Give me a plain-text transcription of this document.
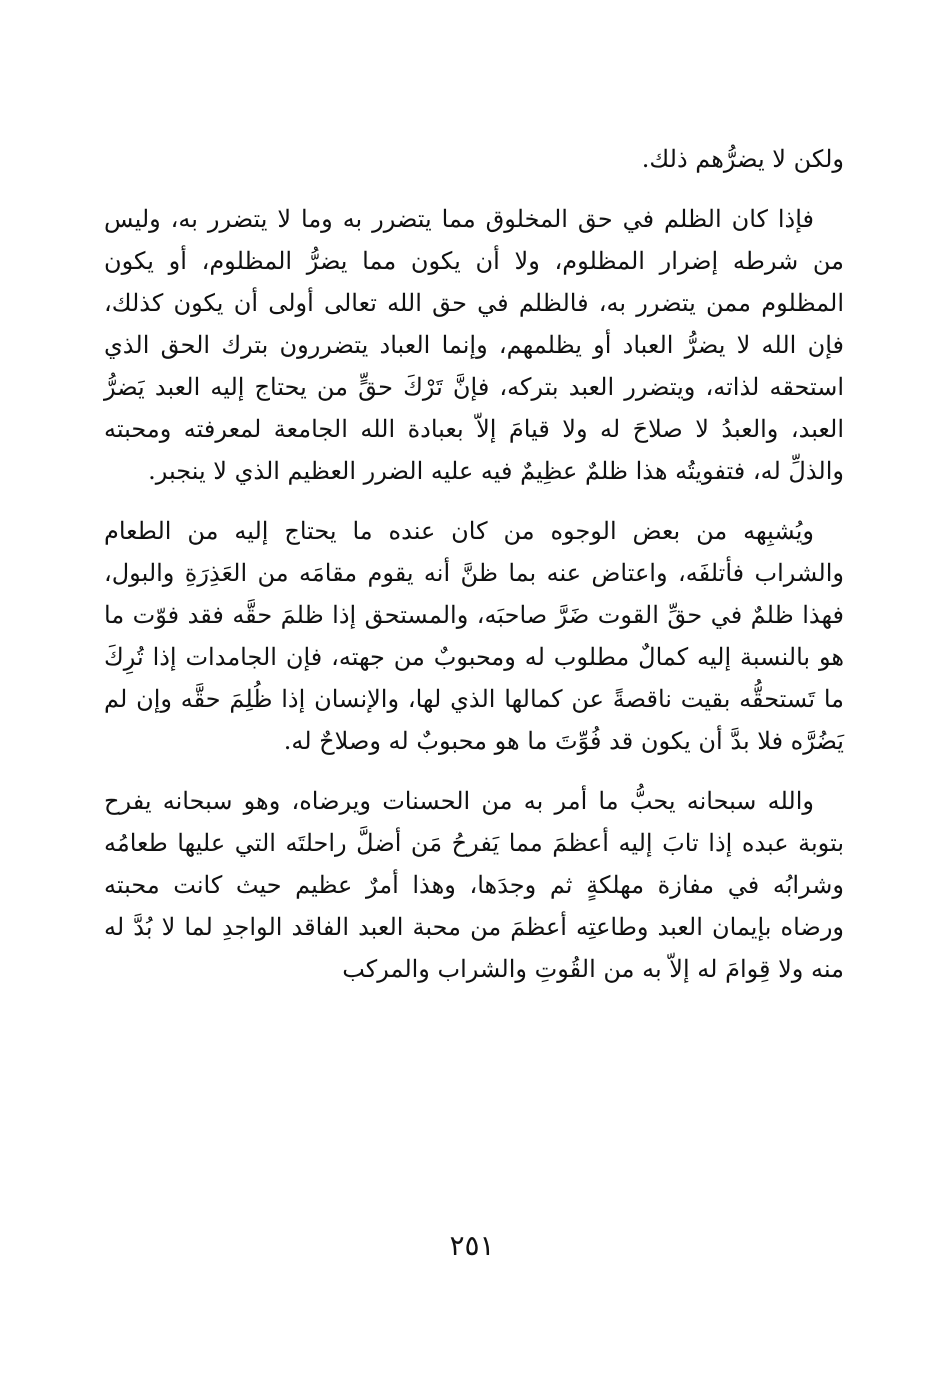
ولكن لا يضرُّهم ذلك.

فإذا كان الظلم في حق المخلوق مما يتضرر به وما لا يتضرر به، وليس من شرطه إضرار المظلوم، ولا أن يكون مما يضرُّ المظلوم، أو يكون المظلوم ممن يتضرر به، فالظلم في حق الله تعالى أولى أن يكون كذلك، فإن الله لا يضرُّ العباد أو يظلمهم، وإنما العباد يتضررون بترك الحق الذي استحقه لذاته، ويتضرر العبد بتركه، فإنَّ تَرْكَ حقٍّ من يحتاج إليه العبد يَضرُّ العبد، والعبدُ لا صلاحَ له ولا قيامَ إلاّ بعبادة الله الجامعة لمعرفته ومحبته والذلِّ له، فتفويتُه هذا ظلمٌ عظِيمٌ فيه عليه الضرر العظيم الذي لا ينجبر.

ويُشبِهه من بعض الوجوه من كان عنده ما يحتاج إليه من الطعام والشراب فأتلفَه، واعتاض عنه بما ظنَّ أنه يقوم مقامَه من العَذِرَةِ والبول، فهذا ظلمٌ في حقِّ القوت ضَرَّ صاحبَه، والمستحق إذا ظلمَ حقَّه فقد فوّت ما هو بالنسبة إليه كمالٌ مطلوب له ومحبوبٌ من جهته، فإن الجامدات إذا تُرِكَ ما تَستحقُّه بقيت ناقصةً عن كمالها الذي لها، والإنسان إذا ظُلِمَ حقَّه وإن لم يَضُرَّه فلا بدَّ أن يكون قد فُوِّتَ ما هو محبوبٌ له وصلاحٌ له.

والله سبحانه يحبُّ ما أمر به من الحسنات ويرضاه، وهو سبحانه يفرح بتوبة عبده إذا تابَ إليه أعظمَ مما يَفرحُ مَن أضلَّ راحلتَه التي عليها طعامُه وشرابُه في مفازة مهلكةٍ ثم وجدَها، وهذا أمرٌ عظيم حيث كانت محبته ورضاه بإيمان العبد وطاعتِه أعظمَ من محبة العبد الفاقد الواجدِ لما لا بُدَّ له منه ولا قِوامَ له إلاّ به من القُوتِ والشراب والمركب

٢٥١
